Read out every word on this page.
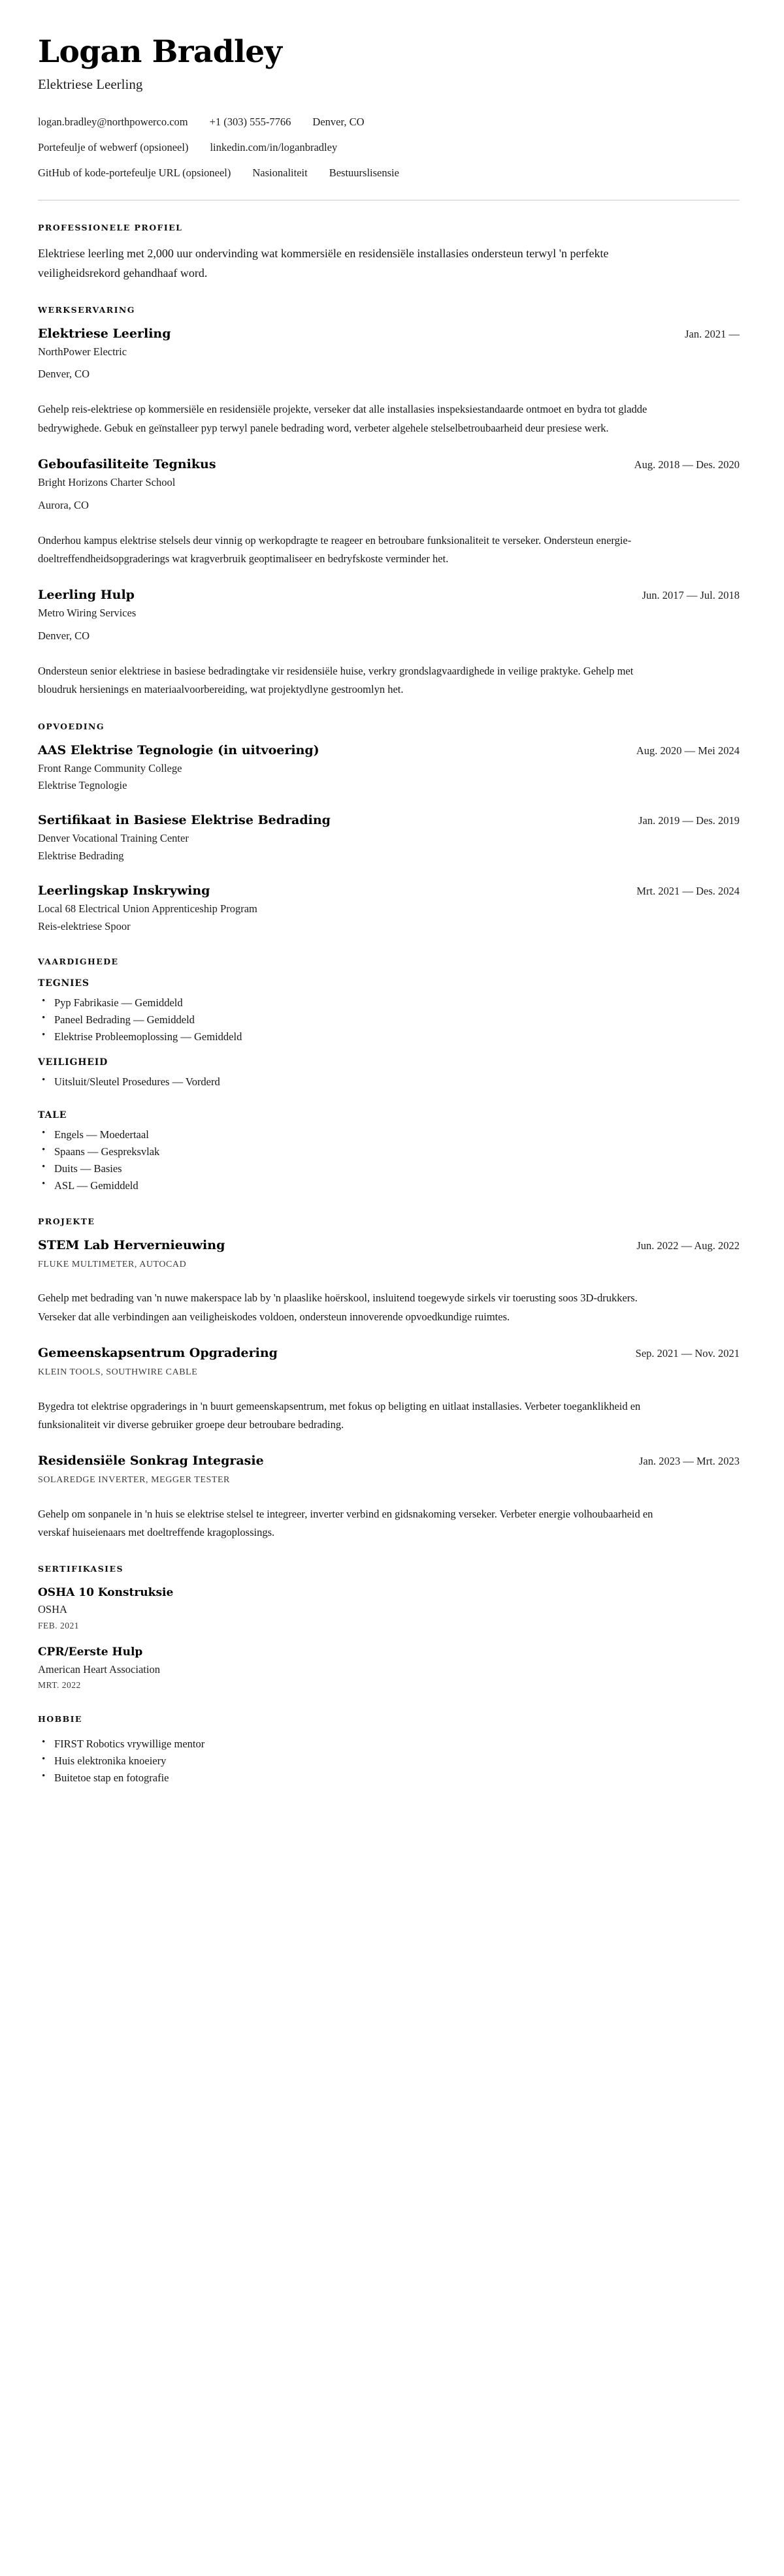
Logan Bradley
Elektriese Leerling
logan.bradley@northpowerco.com +1 (303) 555-7766 Denver, CO
Portefeulje of webwerf (opsioneel) linkedin.com/in/loganbradley
GitHub of kode-portefeulje URL (opsioneel) Nasionaliteit Bestuurslisensie
PROFESSIONELE PROFIEL

Elektriese leerling met 2,000 uur ondervinding wat kommersiële en residensiële installasies ondersteun terwyl 'n perfekte veiligheidsrekord gehandhaaf word.

WERKSERVARING
Elektriese Leerling	Jan. 2021 —

NorthPower Electric

Denver, CO

Gehelp reis-elektriese op kommersiële en residensiële projekte, verseker dat alle installasies inspeksiestandaarde ontmoet en bydra tot gladde bedrywighede. Gebuk en geïnstalleer pyp terwyl panele bedrading word, verbeter algehele stelselbetroubaarheid deur presiese werk.

Geboufasiliteite Tegnikus	Aug. 2018 — Des. 2020

Bright Horizons Charter School

Aurora, CO

Onderhou kampus elektrise stelsels deur vinnig op werkopdragte te reageer en betroubare funksionaliteit te verseker. Ondersteun energie-doeltreffendheidsopgraderings wat kragverbruik geoptimaliseer en bedryfskoste verminder het.

Leerling Hulp	Jun. 2017 — Jul. 2018

Metro Wiring Services

Denver, CO

Ondersteun senior elektriese in basiese bedradingtake vir residensiële huise, verkry grondslagvaardighede in veilige praktyke. Gehelp met bloudruk hersienings en materiaalvoorbereiding, wat projektydlyne gestroomlyn het.

OPVOEDING
AAS Elektrise Tegnologie (in uitvoering)	Aug. 2020 — Mei 2024

Front Range Community College

Elektrise Tegnologie

Sertifikaat in Basiese Elektrise Bedrading	Jan. 2019 — Des. 2019

Denver Vocational Training Center

Elektrise Bedrading

Leerlingskap Inskrywing	Mrt. 2021 — Des. 2024

Local 68 Electrical Union Apprenticeship Program

Reis-elektriese Spoor

VAARDIGHEDE
TEGNIES
• Pyp Fabrikasie — Gemiddeld
• Paneel Bedrading — Gemiddeld
• Elektrise Probleemoplossing — Gemiddeld
VEILIGHEID
• Uitsluit/Sleutel Prosedures — Vorderd
TALE
• Engels — Moedertaal
• Spaans — Gespreksvlak
• Duits — Basies
• ASL — Gemiddeld
PROJEKTE
STEM Lab Hervernieuwing	Jun. 2022 — Aug. 2022

FLUKE MULTIMETER, AUTOCAD

Gehelp met bedrading van 'n nuwe makerspace lab by 'n plaaslike hoërskool, insluitend toegewyde sirkels vir toerusting soos 3D-drukkers. Verseker dat alle verbindingen aan veiligheiskodes voldoen, ondersteun innoverende opvoedkundige ruimtes.

Gemeenskapsentrum Opgradering	Sep. 2021 — Nov. 2021

KLEIN TOOLS, SOUTHWIRE CABLE

Bygedra tot elektrise opgraderings in 'n buurt gemeenskapsentrum, met fokus op beligting en uitlaat installasies. Verbeter toeganklikheid en funksionaliteit vir diverse gebruiker groepe deur betroubare bedrading.

Residensiële Sonkrag Integrasie	Jan. 2023 — Mrt. 2023

SOLAREDGE INVERTER, MEGGER TESTER

Gehelp om sonpanele in 'n huis se elektrise stelsel te integreer, inverter verbind en gidsnakoming verseker. Verbeter energie volhoubaarheid en verskaf huiseienaars met doeltreffende kragoplossings.

SERTIFIKASIES
OSHA 10 Konstruksie

OSHA

FEB. 2021

CPR/Eerste Hulp

American Heart Association

MRT. 2022

HOBBIE
• FIRST Robotics vrywillige mentor
• Huis elektronika knoeiery
• Buitetoe stap en fotografie
